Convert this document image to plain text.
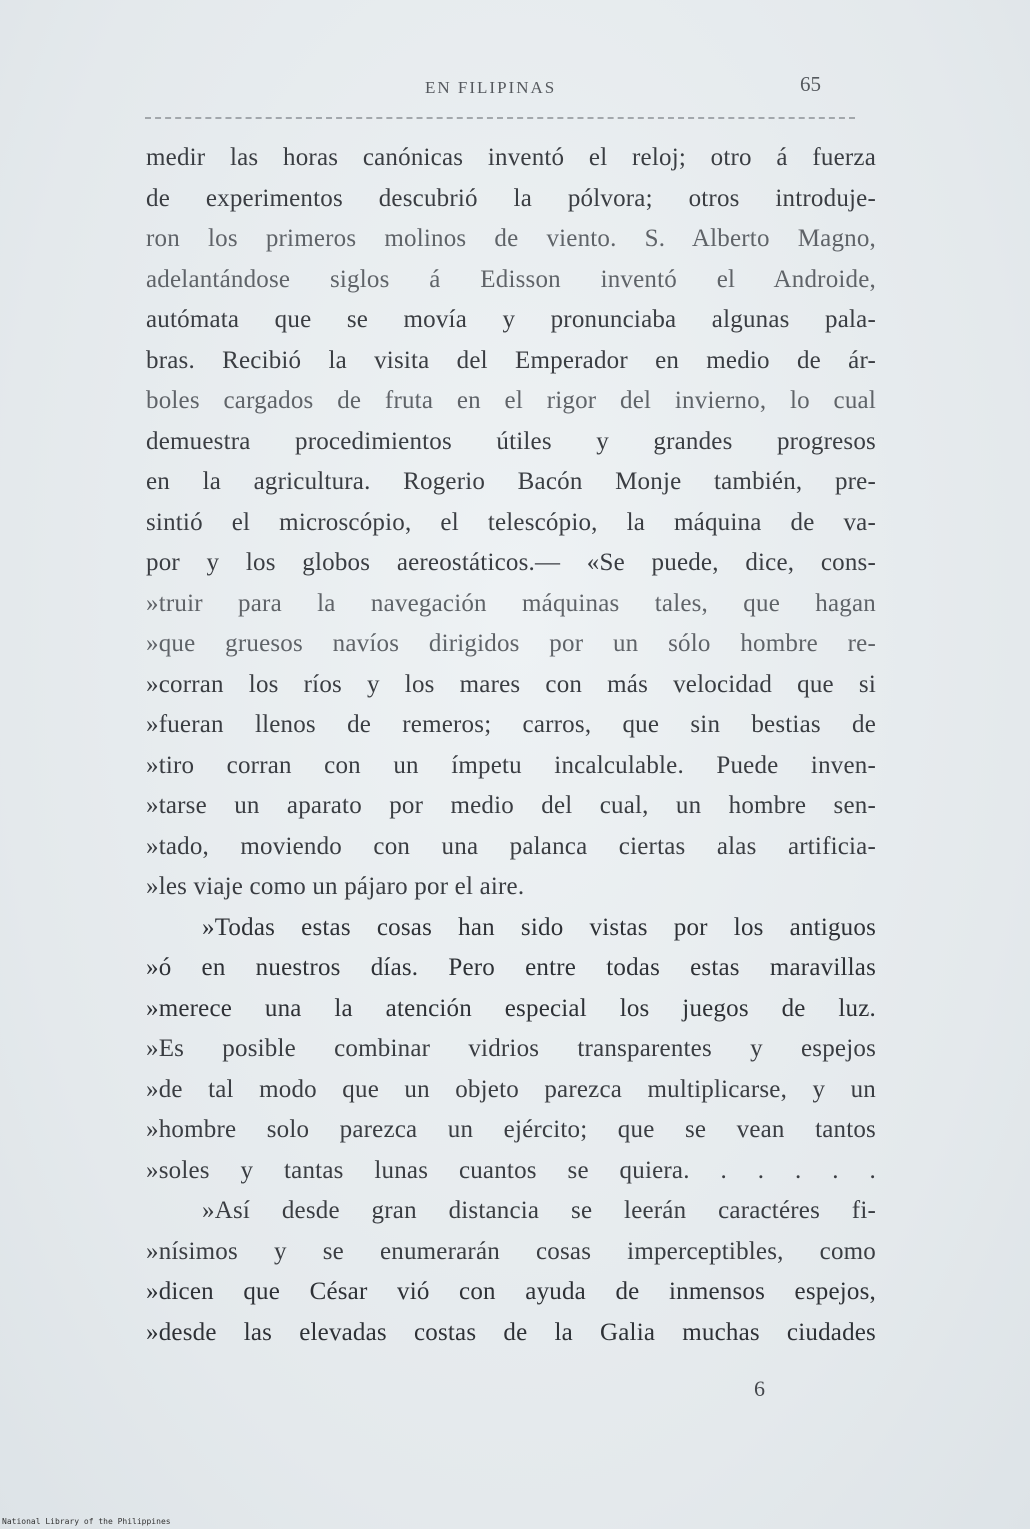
EN FILIPINAS	65
medir las horas canónicas inventó el reloj; otro á fuerza
de experimentos descubrió la pólvora; otros introduje-
ron los primeros molinos de viento. S. Alberto Magno,
adelantándose siglos á Edisson inventó el Androide,
autómata que se movía y pronunciaba algunas pala-
bras. Recibió la visita del Emperador en medio de ár-
boles cargados de fruta en el rigor del invierno, lo cual
demuestra procedimientos útiles y grandes progresos
en la agricultura. Rogerio Bacón Monje también, pre-
sintió el microscópio, el telescópio, la máquina de va-
por y los globos aereostáticos.— «Se puede, dice, cons-
»truir para la navegación máquinas tales, que hagan
»que gruesos navíos dirigidos por un sólo hombre re-
»corran los ríos y los mares con más velocidad que si
»fueran llenos de remeros; carros, que sin bestias de
»tiro corran con un ímpetu incalculable. Puede inven-
»tarse un aparato por medio del cual, un hombre sen-
»tado, moviendo con una palanca ciertas alas artificia-
»les viaje como un pájaro por el aire.
»Todas estas cosas han sido vistas por los antiguos
»ó en nuestros días. Pero entre todas estas maravillas
»merece una la atención especial los juegos de luz.
»Es posible combinar vidrios transparentes y espejos
»de tal modo que un objeto parezca multiplicarse, y un
»hombre solo parezca un ejército; que se vean tantos
»soles y tantas lunas cuantos se quiera. . . . . .
»Así desde gran distancia se leerán caractéres fi-
»nísimos y se enumerarán cosas imperceptibles, como
»dicen que César vió con ayuda de inmensos espejos,
»desde las elevadas costas de la Galia muchas ciudades
6
National Library of the Philippines
